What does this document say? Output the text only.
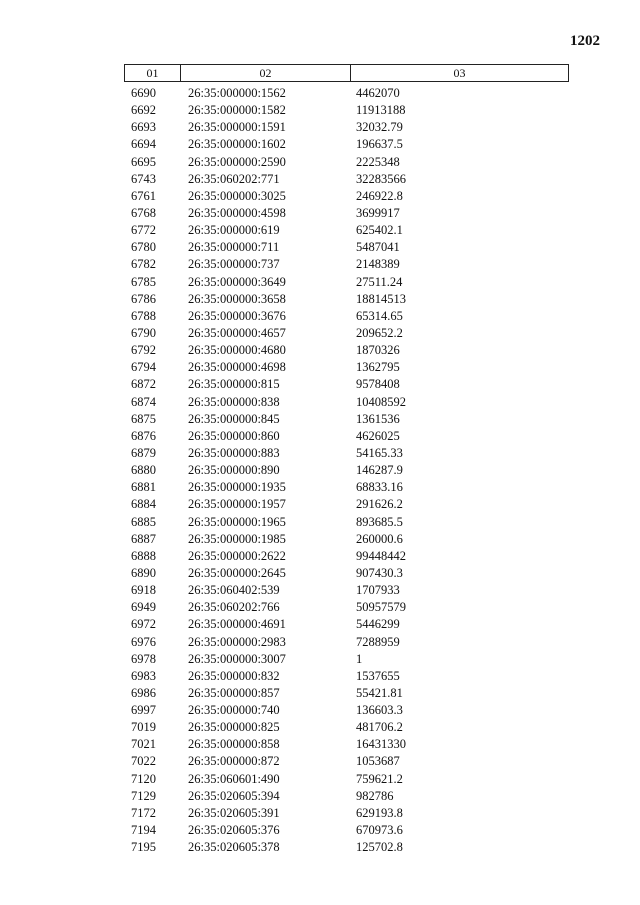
1202
01	02	03
6690	26:35:000000:1562	4462070
6692	26:35:000000:1582	11913188
6693	26:35:000000:1591	32032.79
6694	26:35:000000:1602	196637.5
6695	26:35:000000:2590	2225348
6743	26:35:060202:771	32283566
6761	26:35:000000:3025	246922.8
6768	26:35:000000:4598	3699917
6772	26:35:000000:619	625402.1
6780	26:35:000000:711	5487041
6782	26:35:000000:737	2148389
6785	26:35:000000:3649	27511.24
6786	26:35:000000:3658	18814513
6788	26:35:000000:3676	65314.65
6790	26:35:000000:4657	209652.2
6792	26:35:000000:4680	1870326
6794	26:35:000000:4698	1362795
6872	26:35:000000:815	9578408
6874	26:35:000000:838	10408592
6875	26:35:000000:845	1361536
6876	26:35:000000:860	4626025
6879	26:35:000000:883	54165.33
6880	26:35:000000:890	146287.9
6881	26:35:000000:1935	68833.16
6884	26:35:000000:1957	291626.2
6885	26:35:000000:1965	893685.5
6887	26:35:000000:1985	260000.6
6888	26:35:000000:2622	99448442
6890	26:35:000000:2645	907430.3
6918	26:35:060402:539	1707933
6949	26:35:060202:766	50957579
6972	26:35:000000:4691	5446299
6976	26:35:000000:2983	7288959
6978	26:35:000000:3007	1
6983	26:35:000000:832	1537655
6986	26:35:000000:857	55421.81
6997	26:35:000000:740	136603.3
7019	26:35:000000:825	481706.2
7021	26:35:000000:858	16431330
7022	26:35:000000:872	1053687
7120	26:35:060601:490	759621.2
7129	26:35:020605:394	982786
7172	26:35:020605:391	629193.8
7194	26:35:020605:376	670973.6
7195	26:35:020605:378	125702.8
